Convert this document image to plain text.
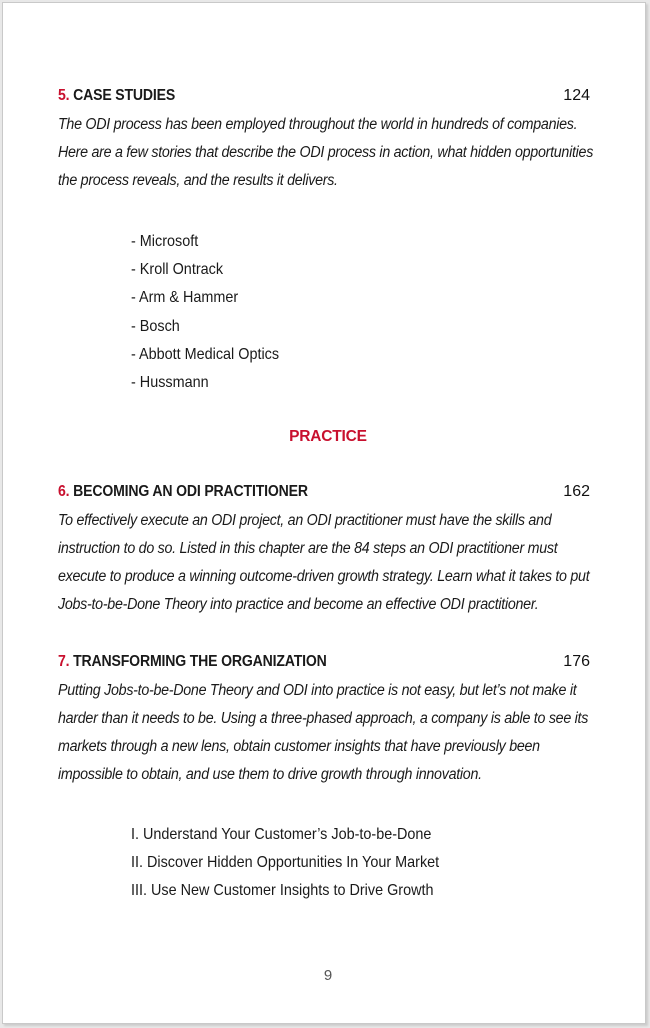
5. CASE STUDIES	124
The ODI process has been employed throughout the world in hundreds of companies. Here are a few stories that describe the ODI process in action, what hidden opportunities the process reveals, and the results it delivers.
- Microsoft
- Kroll Ontrack
- Arm & Hammer
- Bosch
- Abbott Medical Optics
- Hussmann
PRACTICE
6. BECOMING AN ODI PRACTITIONER	162
To effectively execute an ODI project, an ODI practitioner must have the skills and instruction to do so. Listed in this chapter are the 84 steps an ODI practitioner must execute to produce a winning outcome-driven growth strategy. Learn what it takes to put Jobs-to-be-Done Theory into practice and become an effective ODI practitioner.
7. TRANSFORMING THE ORGANIZATION	176
Putting Jobs-to-be-Done Theory and ODI into practice is not easy, but let’s not make it harder than it needs to be. Using a three-phased approach, a company is able to see its markets through a new lens, obtain customer insights that have previously been impossible to obtain, and use them to drive growth through innovation.
I. Understand Your Customer’s Job-to-be-Done
II. Discover Hidden Opportunities In Your Market
III. Use New Customer Insights to Drive Growth
9
